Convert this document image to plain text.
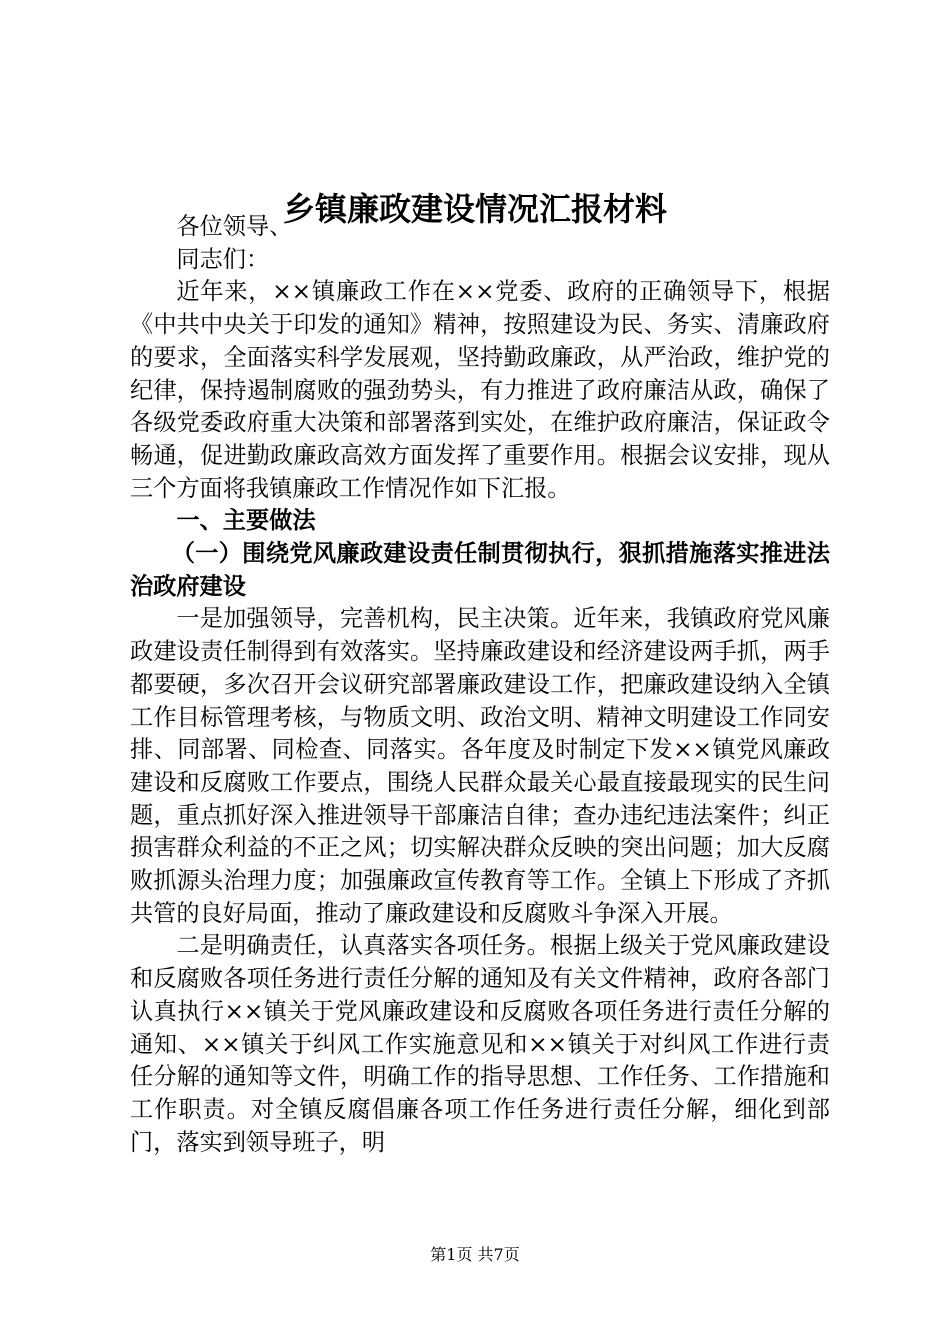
乡镇廉政建设情况汇报材料

各位领导、

同志们：

近年来，××镇廉政工作在××党委、政府的正确领导下，根据《中共中央关于印发的通知》精神，按照建设为民、务实、清廉政府的要求，全面落实科学发展观，坚持勤政廉政，从严治政，维护党的纪律，保持遏制腐败的强劲势头，有力推进了政府廉洁从政，确保了各级党委政府重大决策和部署落到实处，在维护政府廉洁，保证政令畅通，促进勤政廉政高效方面发挥了重要作用。根据会议安排，现从三个方面将我镇廉政工作情况作如下汇报。

一、主要做法

（一）围绕党风廉政建设责任制贯彻执行，狠抓措施落实推进法治政府建设

一是加强领导，完善机构，民主决策。近年来，我镇政府党风廉政建设责任制得到有效落实。坚持廉政建设和经济建设两手抓，两手都要硬，多次召开会议研究部署廉政建设工作，把廉政建设纳入全镇工作目标管理考核，与物质文明、政治文明、精神文明建设工作同安排、同部署、同检查、同落实。各年度及时制定下发××镇党风廉政建设和反腐败工作要点，围绕人民群众最关心最直接最现实的民生问题，重点抓好深入推进领导干部廉洁自律；查办违纪违法案件；纠正损害群众利益的不正之风；切实解决群众反映的突出问题；加大反腐败抓源头治理力度；加强廉政宣传教育等工作。全镇上下形成了齐抓共管的良好局面，推动了廉政建设和反腐败斗争深入开展。

二是明确责任，认真落实各项任务。根据上级关于党风廉政建设和反腐败各项任务进行责任分解的通知及有关文件精神，政府各部门认真执行××镇关于党风廉政建设和反腐败各项任务进行责任分解的通知、××镇关于纠风工作实施意见和××镇关于对纠风工作进行责任分解的通知等文件，明确工作的指导思想、工作任务、工作措施和工作职责。对全镇反腐倡廉各项工作任务进行责任分解，细化到部门，落实到领导班子，明

第1页 共7页
